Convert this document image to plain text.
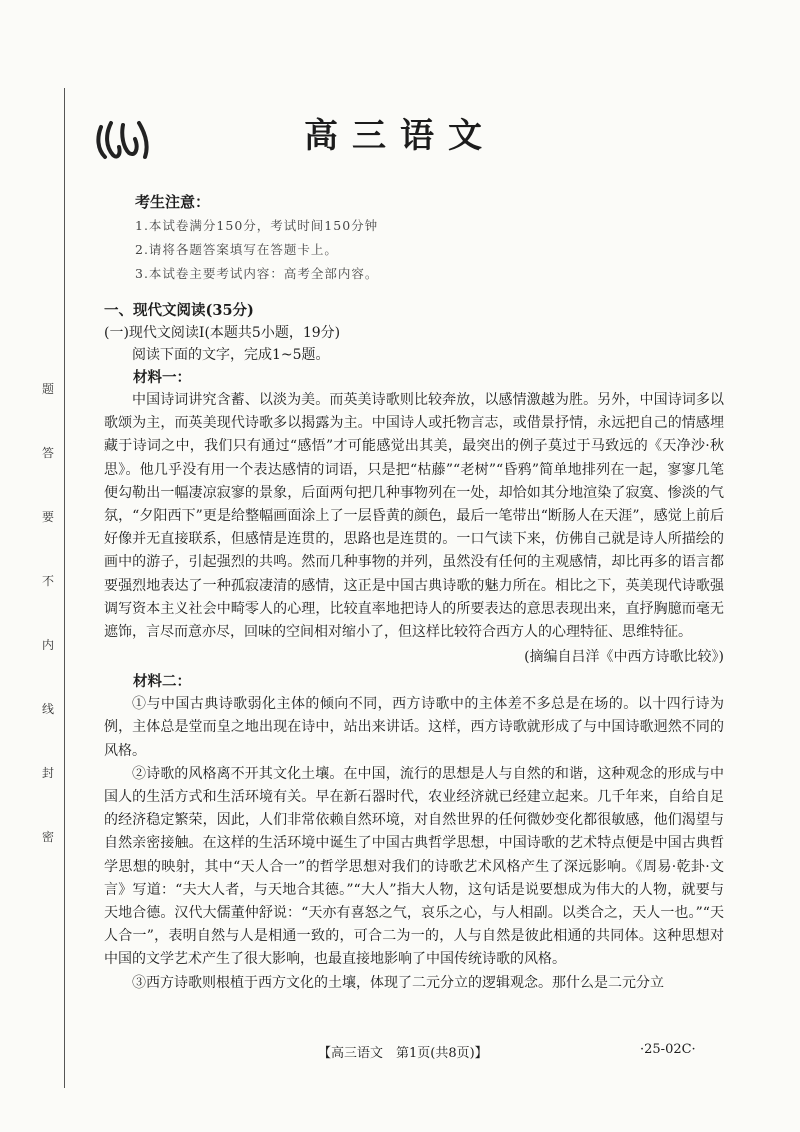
题
答
要
不
内
线
封
密
高三语文
考生注意：
1.本试卷满分150分，考试时间150分钟
2.请将各题答案填写在答题卡上。
3.本试卷主要考试内容：高考全部内容。
一、现代文阅读(35分)
(一)现代文阅读Ⅰ(本题共5小题，19分)
阅读下面的文字，完成1~5题。
材料一：

中国诗词讲究含蓄、以淡为美。而英美诗歌则比较奔放，以感情激越为胜。另外，中国诗词多以歌颂为主，而英美现代诗歌多以揭露为主。中国诗人或托物言志，或借景抒情，永远把自己的情感埋藏于诗词之中，我们只有通过“感悟”才可能感觉出其美，最突出的例子莫过于马致远的《天净沙·秋思》。他几乎没有用一个表达感情的词语，只是把“枯藤”“老树”“昏鸦”简单地排列在一起，寥寥几笔便勾勒出一幅凄凉寂寥的景象，后面两句把几种事物列在一处，却恰如其分地渲染了寂寞、惨淡的气氛，“夕阳西下”更是给整幅画面涂上了一层昏黄的颜色，最后一笔带出“断肠人在天涯”，感觉上前后好像并无直接联系，但感情是连贯的，思路也是连贯的。一口气读下来，仿佛自己就是诗人所描绘的画中的游子，引起强烈的共鸣。然而几种事物的并列，虽然没有任何的主观感情，却比再多的语言都要强烈地表达了一种孤寂凄清的感情，这正是中国古典诗歌的魅力所在。相比之下，英美现代诗歌强调写资本主义社会中畸零人的心理，比较直率地把诗人的所要表达的意思表现出来，直抒胸臆而毫无遮饰，言尽而意亦尽，回味的空间相对缩小了，但这样比较符合西方人的心理特征、思维特征。

(摘编自吕洋《中西方诗歌比较》)
材料二：

①与中国古典诗歌弱化主体的倾向不同，西方诗歌中的主体差不多总是在场的。以十四行诗为例，主体总是堂而皇之地出现在诗中，站出来讲话。这样，西方诗歌就形成了与中国诗歌迥然不同的风格。

②诗歌的风格离不开其文化土壤。在中国，流行的思想是人与自然的和谐，这种观念的形成与中国人的生活方式和生活环境有关。早在新石器时代，农业经济就已经建立起来。几千年来，自给自足的经济稳定繁荣，因此，人们非常依赖自然环境，对自然世界的任何微妙变化都很敏感，他们渴望与自然亲密接触。在这样的生活环境中诞生了中国古典哲学思想，中国诗歌的艺术特点便是中国古典哲学思想的映射，其中“天人合一”的哲学思想对我们的诗歌艺术风格产生了深远影响。《周易·乾卦·文言》写道：“夫大人者，与天地合其德。”“大人”指大人物，这句话是说要想成为伟大的人物，就要与天地合德。汉代大儒董仲舒说：“天亦有喜怒之气，哀乐之心，与人相副。以类合之，天人一也。”“天人合一”，表明自然与人是相通一致的，可合二为一的，人与自然是彼此相通的共同体。这种思想对中国的文学艺术产生了很大影响，也最直接地影响了中国传统诗歌的风格。

③西方诗歌则根植于西方文化的土壤，体现了二元分立的逻辑观念。那什么是二元分立

【高三语文　第1页(共8页)】	·25-02C·
